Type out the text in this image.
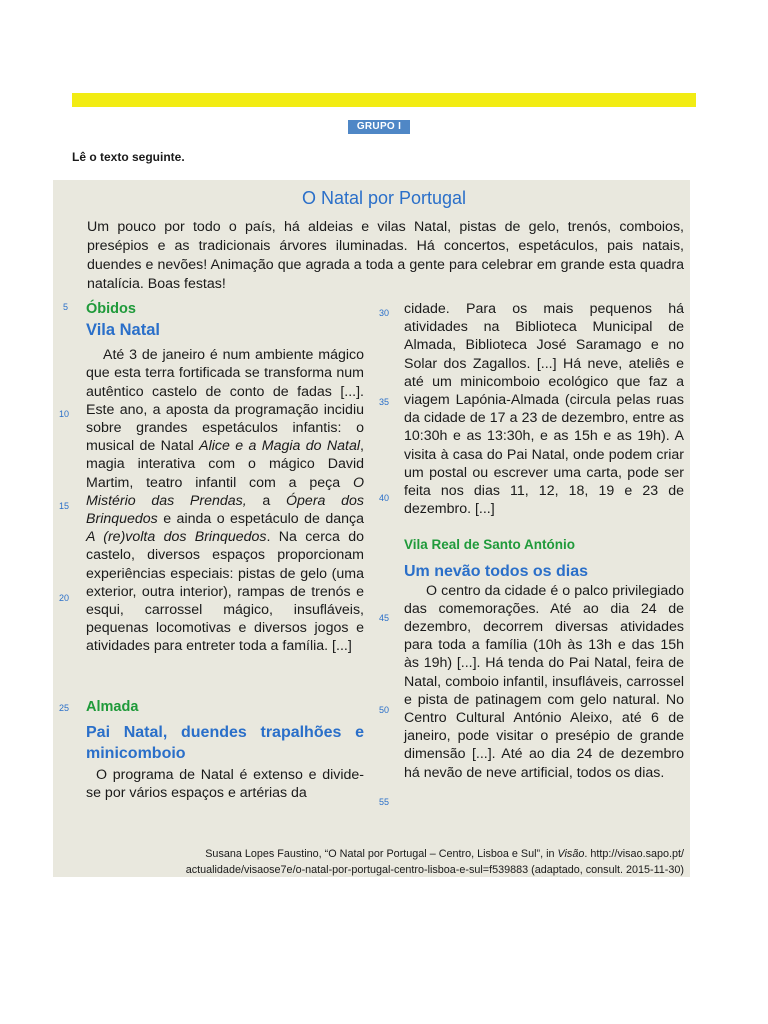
GRUPO I
Lê o texto seguinte.
O Natal por Portugal
Um pouco por todo o país, há aldeias e vilas Natal, pistas de gelo, trenós, comboios, presépios e as tradicionais árvores iluminadas. Há concertos, espetáculos, pais natais, duendes e nevões! Animação que agrada a toda a gente para celebrar em grande esta quadra natalícia. Boas festas!
5
10
15
20
25
30
35
40
45
50
55
Óbidos
Vila Natal

Até 3 de janeiro é num ambiente mágico que esta terra fortificada se transforma num autêntico castelo de conto de fadas [...]. Este ano, a aposta da programação incidiu sobre grandes espetáculos infantis: o musical de Natal Alice e a Magia do Natal, magia interativa com o mágico David Martim, teatro infantil com a peça O Mistério das Prendas, a Ópera dos Brinquedos e ainda o espetáculo de dança A (re)volta dos Brinquedos. Na cerca do castelo, diversos espaços proporcionam experiências especiais: pistas de gelo (uma exterior, outra interior), rampas de trenós e esqui, carrossel mágico, insufláveis, pequenas locomotivas e diversos jogos e atividades para entreter toda a família. [...]

Almada
Pai Natal, duendes trapalhões e minicomboio

O programa de Natal é extenso e divide-se por vários espaços e artérias da

cidade. Para os mais pequenos há atividades na Biblioteca Municipal de Almada, Biblioteca José Saramago e no Solar dos Zagallos. [...] Há neve, ateliês e até um minicomboio ecológico que faz a viagem Lapónia-Almada (circula pelas ruas da cidade de 17 a 23 de dezembro, entre as 10:30h e as 13:30h, e as 15h e as 19h). A visita à casa do Pai Natal, onde podem criar um postal ou escrever uma carta, pode ser feita nos dias 11, 12, 18, 19 e 23 de dezembro. [...]

Vila Real de Santo António
Um nevão todos os dias

O centro da cidade é o palco privilegiado das comemorações. Até ao dia 24 de dezembro, decorrem diversas atividades para toda a família (10h às 13h e das 15h às 19h) [...]. Há tenda do Pai Natal, feira de Natal, comboio infantil, insufláveis, carrossel e pista de patinagem com gelo natural. No Centro Cultural António Aleixo, até 6 de janeiro, pode visitar o presépio de grande dimensão [...]. Até ao dia 24 de dezembro há nevão de neve artificial, todos os dias.

Susana Lopes Faustino, “O Natal por Portugal – Centro, Lisboa e Sul”, in Visão. http://visao.sapo.pt/
actualidade/visaose7e/o-natal-por-portugal-centro-lisboa-e-sul=f539883 (adaptado, consult. 2015-11-30)
